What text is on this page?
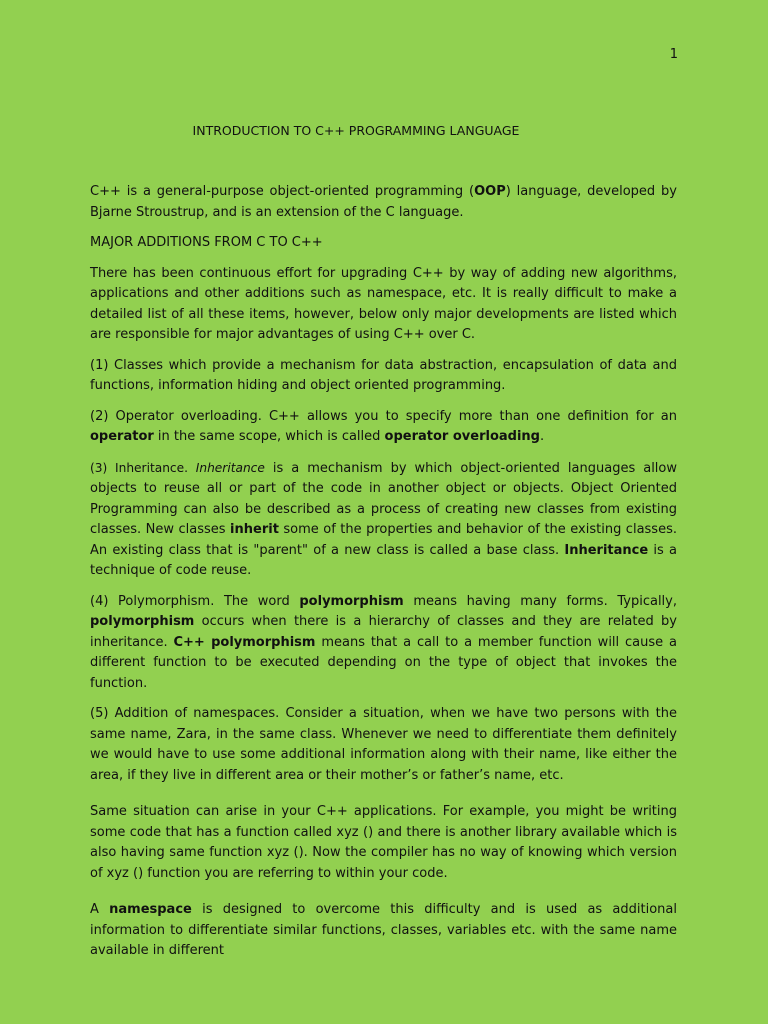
1
INTRODUCTION TO C++ PROGRAMMING LANGUAGE

C++ is a general-purpose object-oriented programming (OOP) language, developed by Bjarne Stroustrup, and is an extension of the C language.

MAJOR ADDITIONS FROM C TO C++

There has been continuous effort for upgrading C++ by way of adding new algorithms, applications and other additions such as namespace, etc. It is really difficult to make a detailed list of all these items, however, below only major developments are listed which are responsible for major advantages of using C++ over C.

(1) Classes which provide a mechanism for data abstraction, encapsulation of data and functions, information hiding and object oriented programming.

(2) Operator overloading. C++ allows you to specify more than one definition for an operator in the same scope, which is called operator overloading.

(3) Inheritance. Inheritance is a mechanism by which object-oriented languages allow objects to reuse all or part of the code in another object or objects. Object Oriented Programming can also be described as a process of creating new classes from existing classes. New classes inherit some of the properties and behavior of the existing classes. An existing class that is "parent" of a new class is called a base class. Inheritance is a technique of code reuse.

(4) Polymorphism. The word polymorphism means having many forms. Typically, polymorphism occurs when there is a hierarchy of classes and they are related by inheritance. C++ polymorphism means that a call to a member function will cause a different function to be executed depending on the type of object that invokes the function.

(5) Addition of namespaces. Consider a situation, when we have two persons with the same name, Zara, in the same class. Whenever we need to differentiate them definitely we would have to use some additional information along with their name, like either the area, if they live in different area or their mother’s or father’s name, etc.

Same situation can arise in your C++ applications. For example, you might be writing some code that has a function called xyz () and there is another library available which is also having same function xyz (). Now the compiler has no way of knowing which version of xyz () function you are referring to within your code.

A namespace is designed to overcome this difficulty and is used as additional information to differentiate similar functions, classes, variables etc. with the same name available in different
